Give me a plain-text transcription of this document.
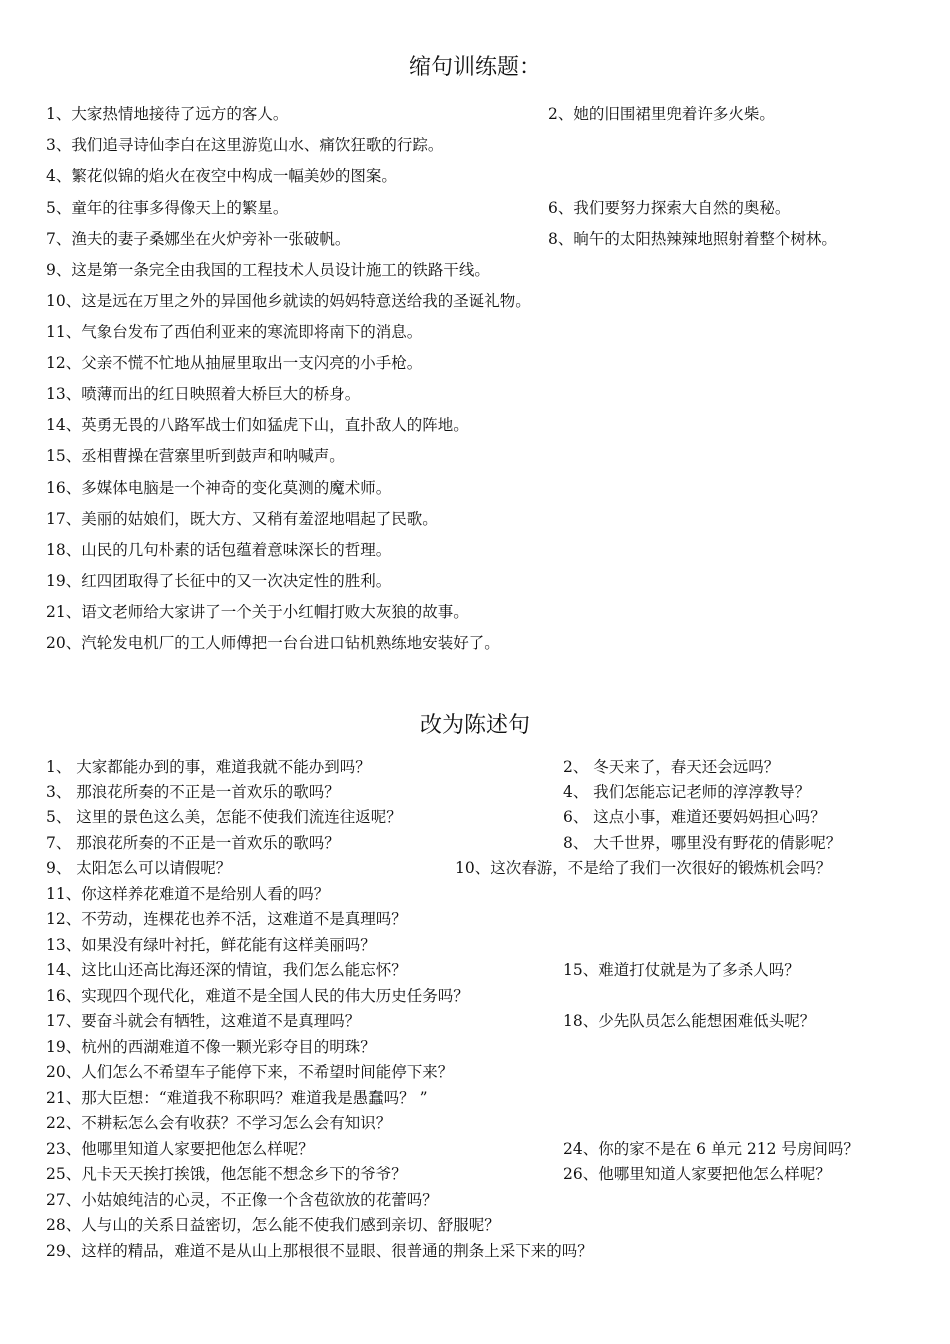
缩句训练题：
1、大家热情地接待了远方的客人。	2、她的旧围裙里兜着许多火柴。
3、我们追寻诗仙李白在这里游览山水、痛饮狂歌的行踪。
4、繁花似锦的焰火在夜空中构成一幅美妙的图案。
5、童年的往事多得像天上的繁星。	6、我们要努力探索大自然的奥秘。
7、渔夫的妻子桑娜坐在火炉旁补一张破帆。	8、晌午的太阳热辣辣地照射着整个树林。
9、这是第一条完全由我国的工程技术人员设计施工的铁路干线。
10、这是远在万里之外的异国他乡就读的妈妈特意送给我的圣诞礼物。
11、气象台发布了西伯利亚来的寒流即将南下的消息。
12、父亲不慌不忙地从抽屉里取出一支闪亮的小手枪。
13、喷薄而出的红日映照着大桥巨大的桥身。
14、英勇无畏的八路军战士们如猛虎下山，直扑敌人的阵地。
15、丞相曹操在营寨里听到鼓声和呐喊声。
16、多媒体电脑是一个神奇的变化莫测的魔术师。
17、美丽的姑娘们，既大方、又稍有羞涩地唱起了民歌。
18、山民的几句朴素的话包蕴着意味深长的哲理。
19、红四团取得了长征中的又一次决定性的胜利。
21、语文老师给大家讲了一个关于小红帽打败大灰狼的故事。
20、汽轮发电机厂的工人师傅把一台台进口钻机熟练地安装好了。
改为陈述句
1、 大家都能办到的事，难道我就不能办到吗？	2、 冬天来了，春天还会远吗？
3、 那浪花所奏的不正是一首欢乐的歌吗？	4、 我们怎能忘记老师的淳淳教导？
5、 这里的景色这么美，怎能不使我们流连往返呢？	6、 这点小事，难道还要妈妈担心吗？
7、 那浪花所奏的不正是一首欢乐的歌吗？	8、 大千世界，哪里没有野花的倩影呢？
9、 太阳怎么可以请假呢？	10、这次春游，不是给了我们一次很好的锻炼机会吗？
11、你这样养花难道不是给别人看的吗？
12、不劳动，连棵花也养不活，这难道不是真理吗？
13、如果没有绿叶衬托，鲜花能有这样美丽吗？
14、这比山还高比海还深的情谊，我们怎么能忘怀？	15、难道打仗就是为了多杀人吗？
16、实现四个现代化，难道不是全国人民的伟大历史任务吗？
17、要奋斗就会有牺牲，这难道不是真理吗？	18、少先队员怎么能想困难低头呢？
19、杭州的西湖难道不像一颗光彩夺目的明珠？
20、人们怎么不希望车子能停下来，不希望时间能停下来？
21、那大臣想：“难道我不称职吗？难道我是愚蠢吗？ ”
22、不耕耘怎么会有收获？不学习怎么会有知识？
23、他哪里知道人家要把他怎么样呢？	24、你的家不是在 6 单元 212 号房间吗？
25、凡卡天天挨打挨饿，他怎能不想念乡下的爷爷？	26、他哪里知道人家要把他怎么样呢？
27、小姑娘纯洁的心灵，不正像一个含苞欲放的花蕾吗？
28、人与山的关系日益密切，怎么能不使我们感到亲切、舒服呢？
29、这样的精品，难道不是从山上那根很不显眼、很普通的荆条上采下来的吗？
